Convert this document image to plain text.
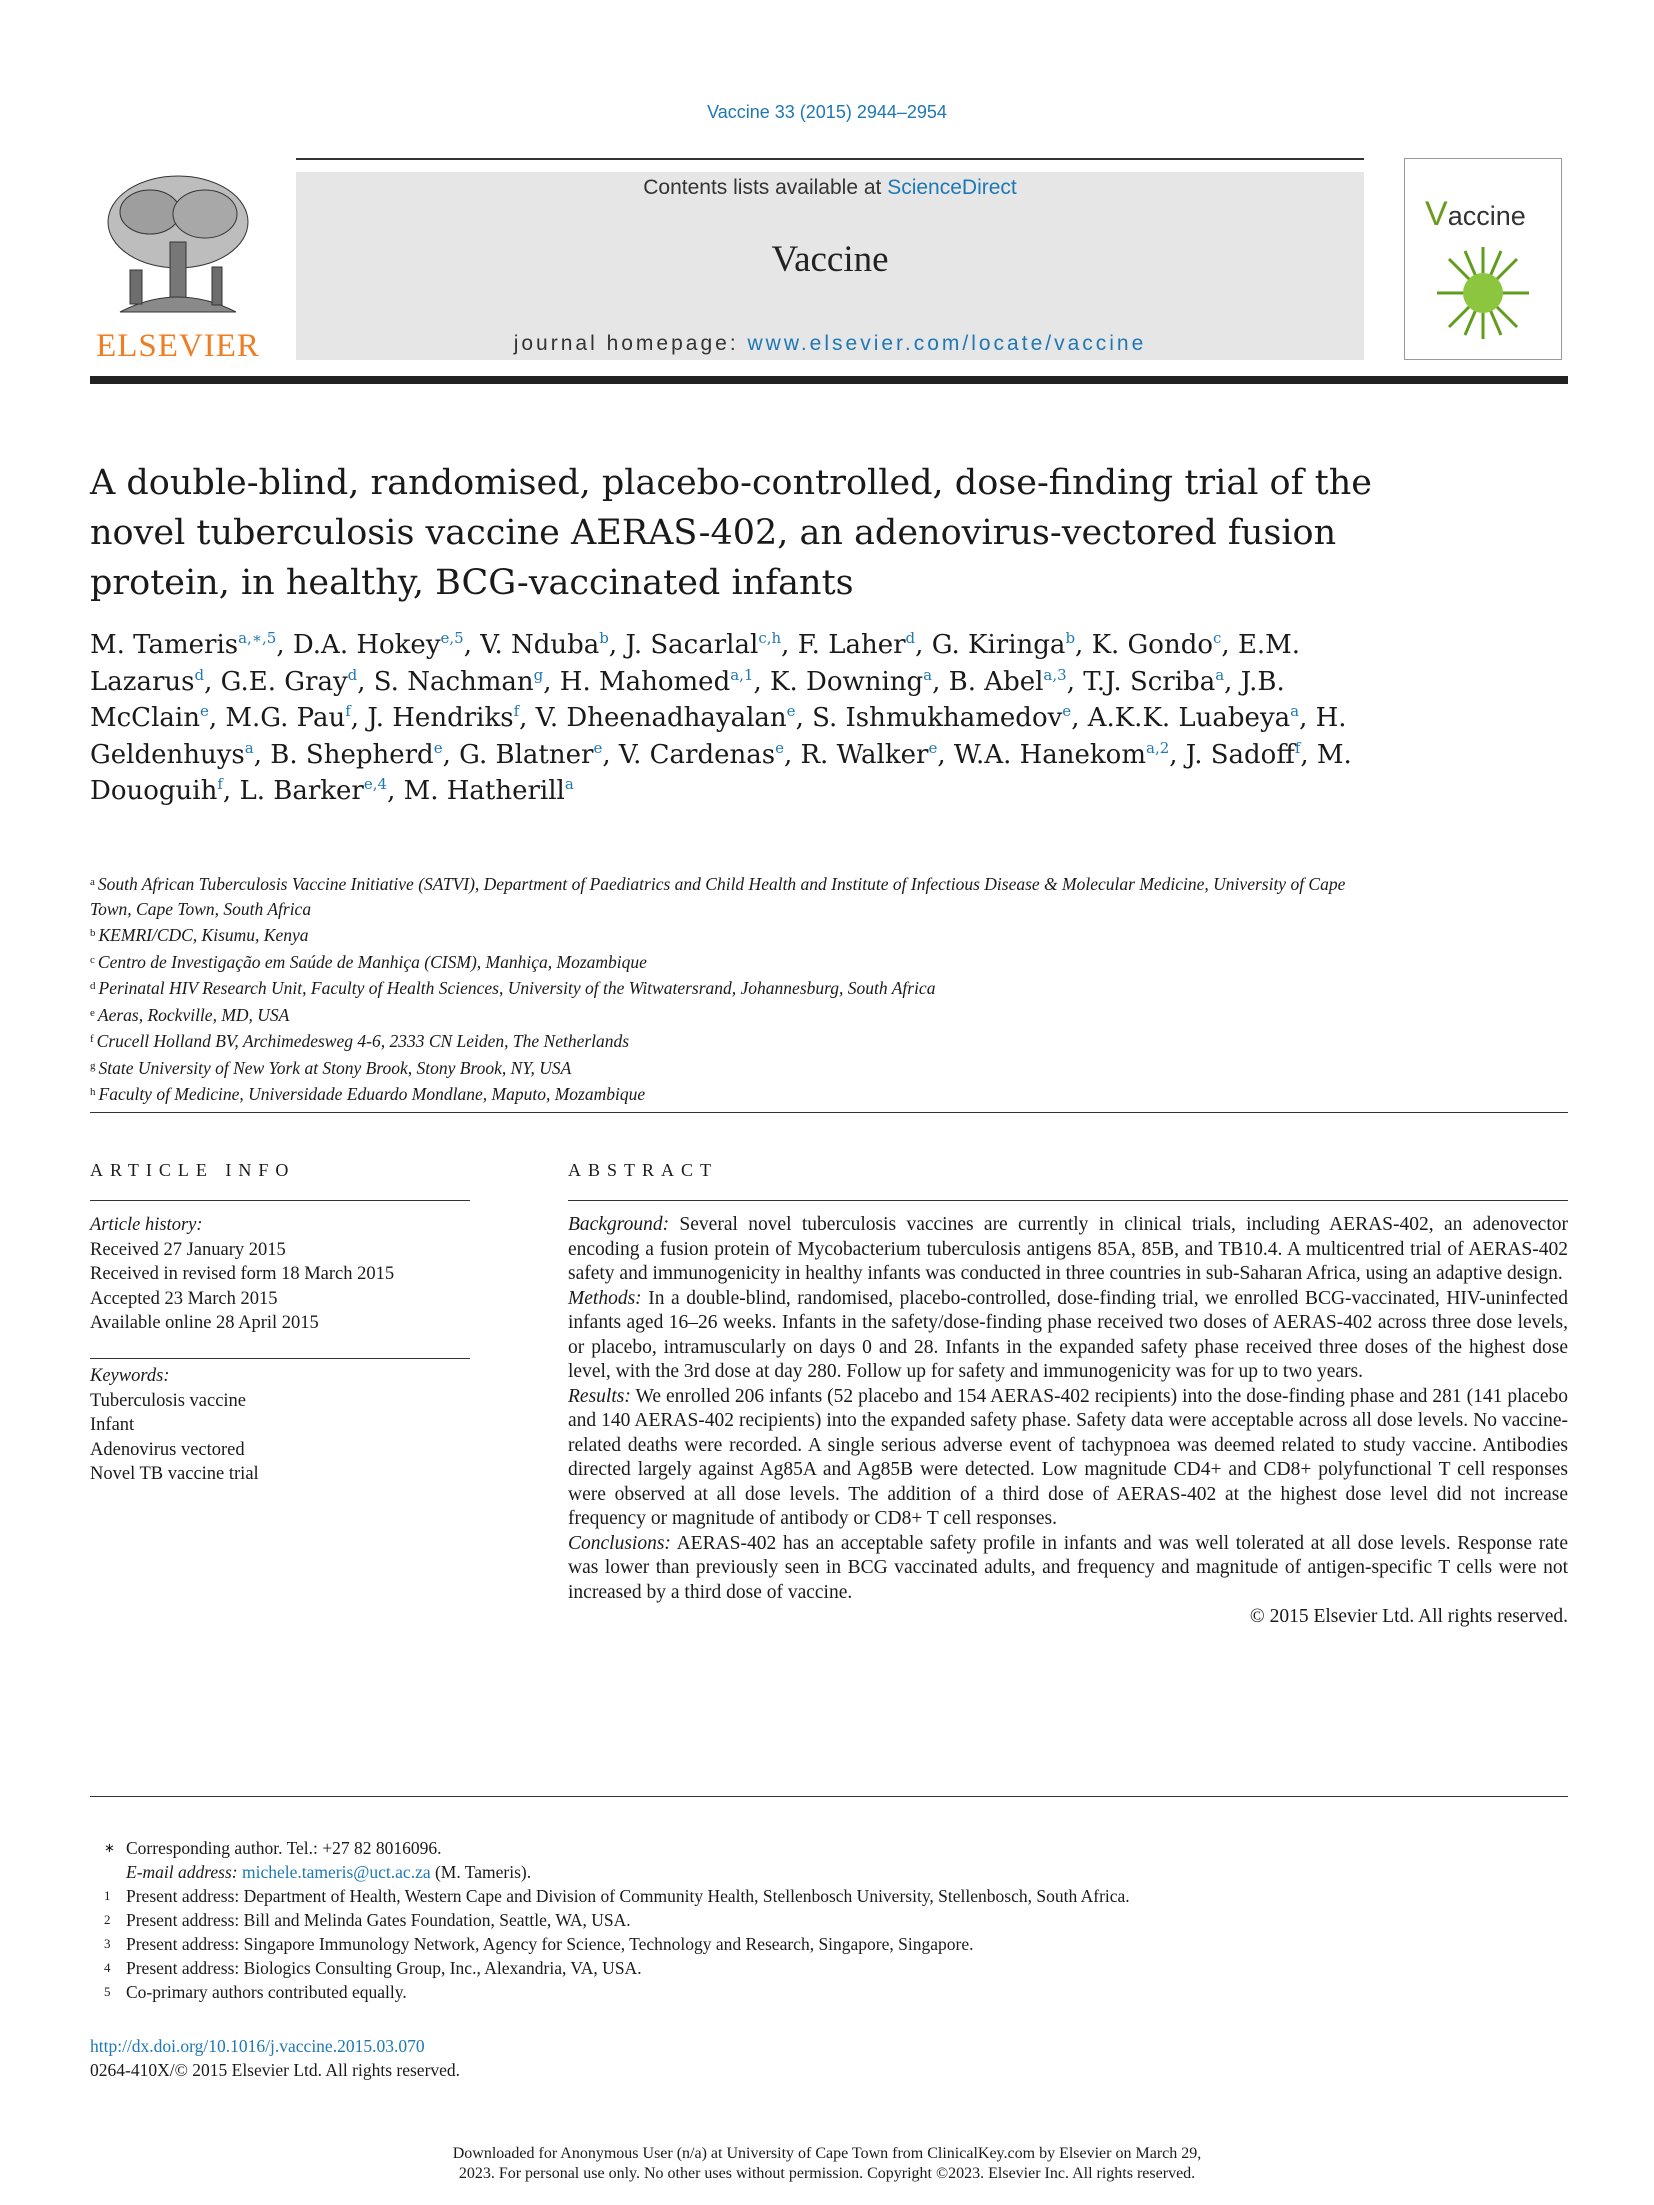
Vaccine 33 (2015) 2944–2954
ELSEVIER
Contents lists available at ScienceDirect
Vaccine
journal homepage: www.elsevier.com/locate/vaccine
Vaccine
A double-blind, randomised, placebo-controlled, dose-finding trial of the novel tuberculosis vaccine AERAS-402, an adenovirus-vectored fusion protein, in healthy, BCG-vaccinated infants
M. Tameris$^{a,∗,5}$, D.A. Hokey$^{e,5}$, V. Nduba$^b$, J. Sacarlal$^{c,h}$, F. Laher$^d$, G. Kiringa$^b$, K. Gondo$^c$, E.M. Lazarus$^d$, G.E. Gray$^d$, S. Nachman$^g$, H. Mahomed$^{a,1}$, K. Downing$^a$, B. Abel$^{a,3}$, T.J. Scriba$^a$, J.B. McClain$^e$, M.G. Pau$^f$, J. Hendriks$^f$, V. Dheenadhayalan$^e$, S. Ishmukhamedov$^e$, A.K.K. Luabeya$^a$, H. Geldenhuys$^a$, B. Shepherd$^e$, G. Blatner$^e$, V. Cardenas$^e$, R. Walker$^e$, W.A. Hanekom$^{a,2}$, J. Sadoff$^f$, M. Douoguih$^f$, L. Barker$^{e,4}$, M. Hatherill$^a$
$^a$ South African Tuberculosis Vaccine Initiative (SATVI), Department of Paediatrics and Child Health and Institute of Infectious Disease & Molecular Medicine, University of Cape Town, Cape Town, South Africa
$^b$ KEMRI/CDC, Kisumu, Kenya
$^c$ Centro de Investigação em Saúde de Manhiça (CISM), Manhiça, Mozambique
$^d$ Perinatal HIV Research Unit, Faculty of Health Sciences, University of the Witwatersrand, Johannesburg, South Africa
$^e$ Aeras, Rockville, MD, USA
$^f$ Crucell Holland BV, Archimedesweg 4-6, 2333 CN Leiden, The Netherlands
$^g$ State University of New York at Stony Brook, Stony Brook, NY, USA
$^h$ Faculty of Medicine, Universidade Eduardo Mondlane, Maputo, Mozambique
ARTICLE INFO
Article history:
Received 27 January 2015
Received in revised form 18 March 2015
Accepted 23 March 2015
Available online 28 April 2015
Keywords:
Tuberculosis vaccine
Infant
Adenovirus vectored
Novel TB vaccine trial
ABSTRACT

Background: Several novel tuberculosis vaccines are currently in clinical trials, including AERAS-402, an adenovector encoding a fusion protein of Mycobacterium tuberculosis antigens 85A, 85B, and TB10.4. A multicentred trial of AERAS-402 safety and immunogenicity in healthy infants was conducted in three countries in sub-Saharan Africa, using an adaptive design.

Methods: In a double-blind, randomised, placebo-controlled, dose-finding trial, we enrolled BCG-vaccinated, HIV-uninfected infants aged 16–26 weeks. Infants in the safety/dose-finding phase received two doses of AERAS-402 across three dose levels, or placebo, intramuscularly on days 0 and 28. Infants in the expanded safety phase received three doses of the highest dose level, with the 3rd dose at day 280. Follow up for safety and immunogenicity was for up to two years.

Results: We enrolled 206 infants (52 placebo and 154 AERAS-402 recipients) into the dose-finding phase and 281 (141 placebo and 140 AERAS-402 recipients) into the expanded safety phase. Safety data were acceptable across all dose levels. No vaccine-related deaths were recorded. A single serious adverse event of tachypnoea was deemed related to study vaccine. Antibodies directed largely against Ag85A and Ag85B were detected. Low magnitude CD4+ and CD8+ polyfunctional T cell responses were observed at all dose levels. The addition of a third dose of AERAS-402 at the highest dose level did not increase frequency or magnitude of antibody or CD8+ T cell responses.

Conclusions: AERAS-402 has an acceptable safety profile in infants and was well tolerated at all dose levels. Response rate was lower than previously seen in BCG vaccinated adults, and frequency and magnitude of antigen-specific T cells were not increased by a third dose of vaccine.

© 2015 Elsevier Ltd. All rights reserved.

∗ Corresponding author. Tel.: +27 82 8016096.
E-mail address: michele.tameris@uct.ac.za (M. Tameris).
1 Present address: Department of Health, Western Cape and Division of Community Health, Stellenbosch University, Stellenbosch, South Africa.
2 Present address: Bill and Melinda Gates Foundation, Seattle, WA, USA.
3 Present address: Singapore Immunology Network, Agency for Science, Technology and Research, Singapore, Singapore.
4 Present address: Biologics Consulting Group, Inc., Alexandria, VA, USA.
5 Co-primary authors contributed equally.
http://dx.doi.org/10.1016/j.vaccine.2015.03.070
0264-410X/© 2015 Elsevier Ltd. All rights reserved.
Downloaded for Anonymous User (n/a) at University of Cape Town from ClinicalKey.com by Elsevier on March 29,
2023. For personal use only. No other uses without permission. Copyright ©2023. Elsevier Inc. All rights reserved.
